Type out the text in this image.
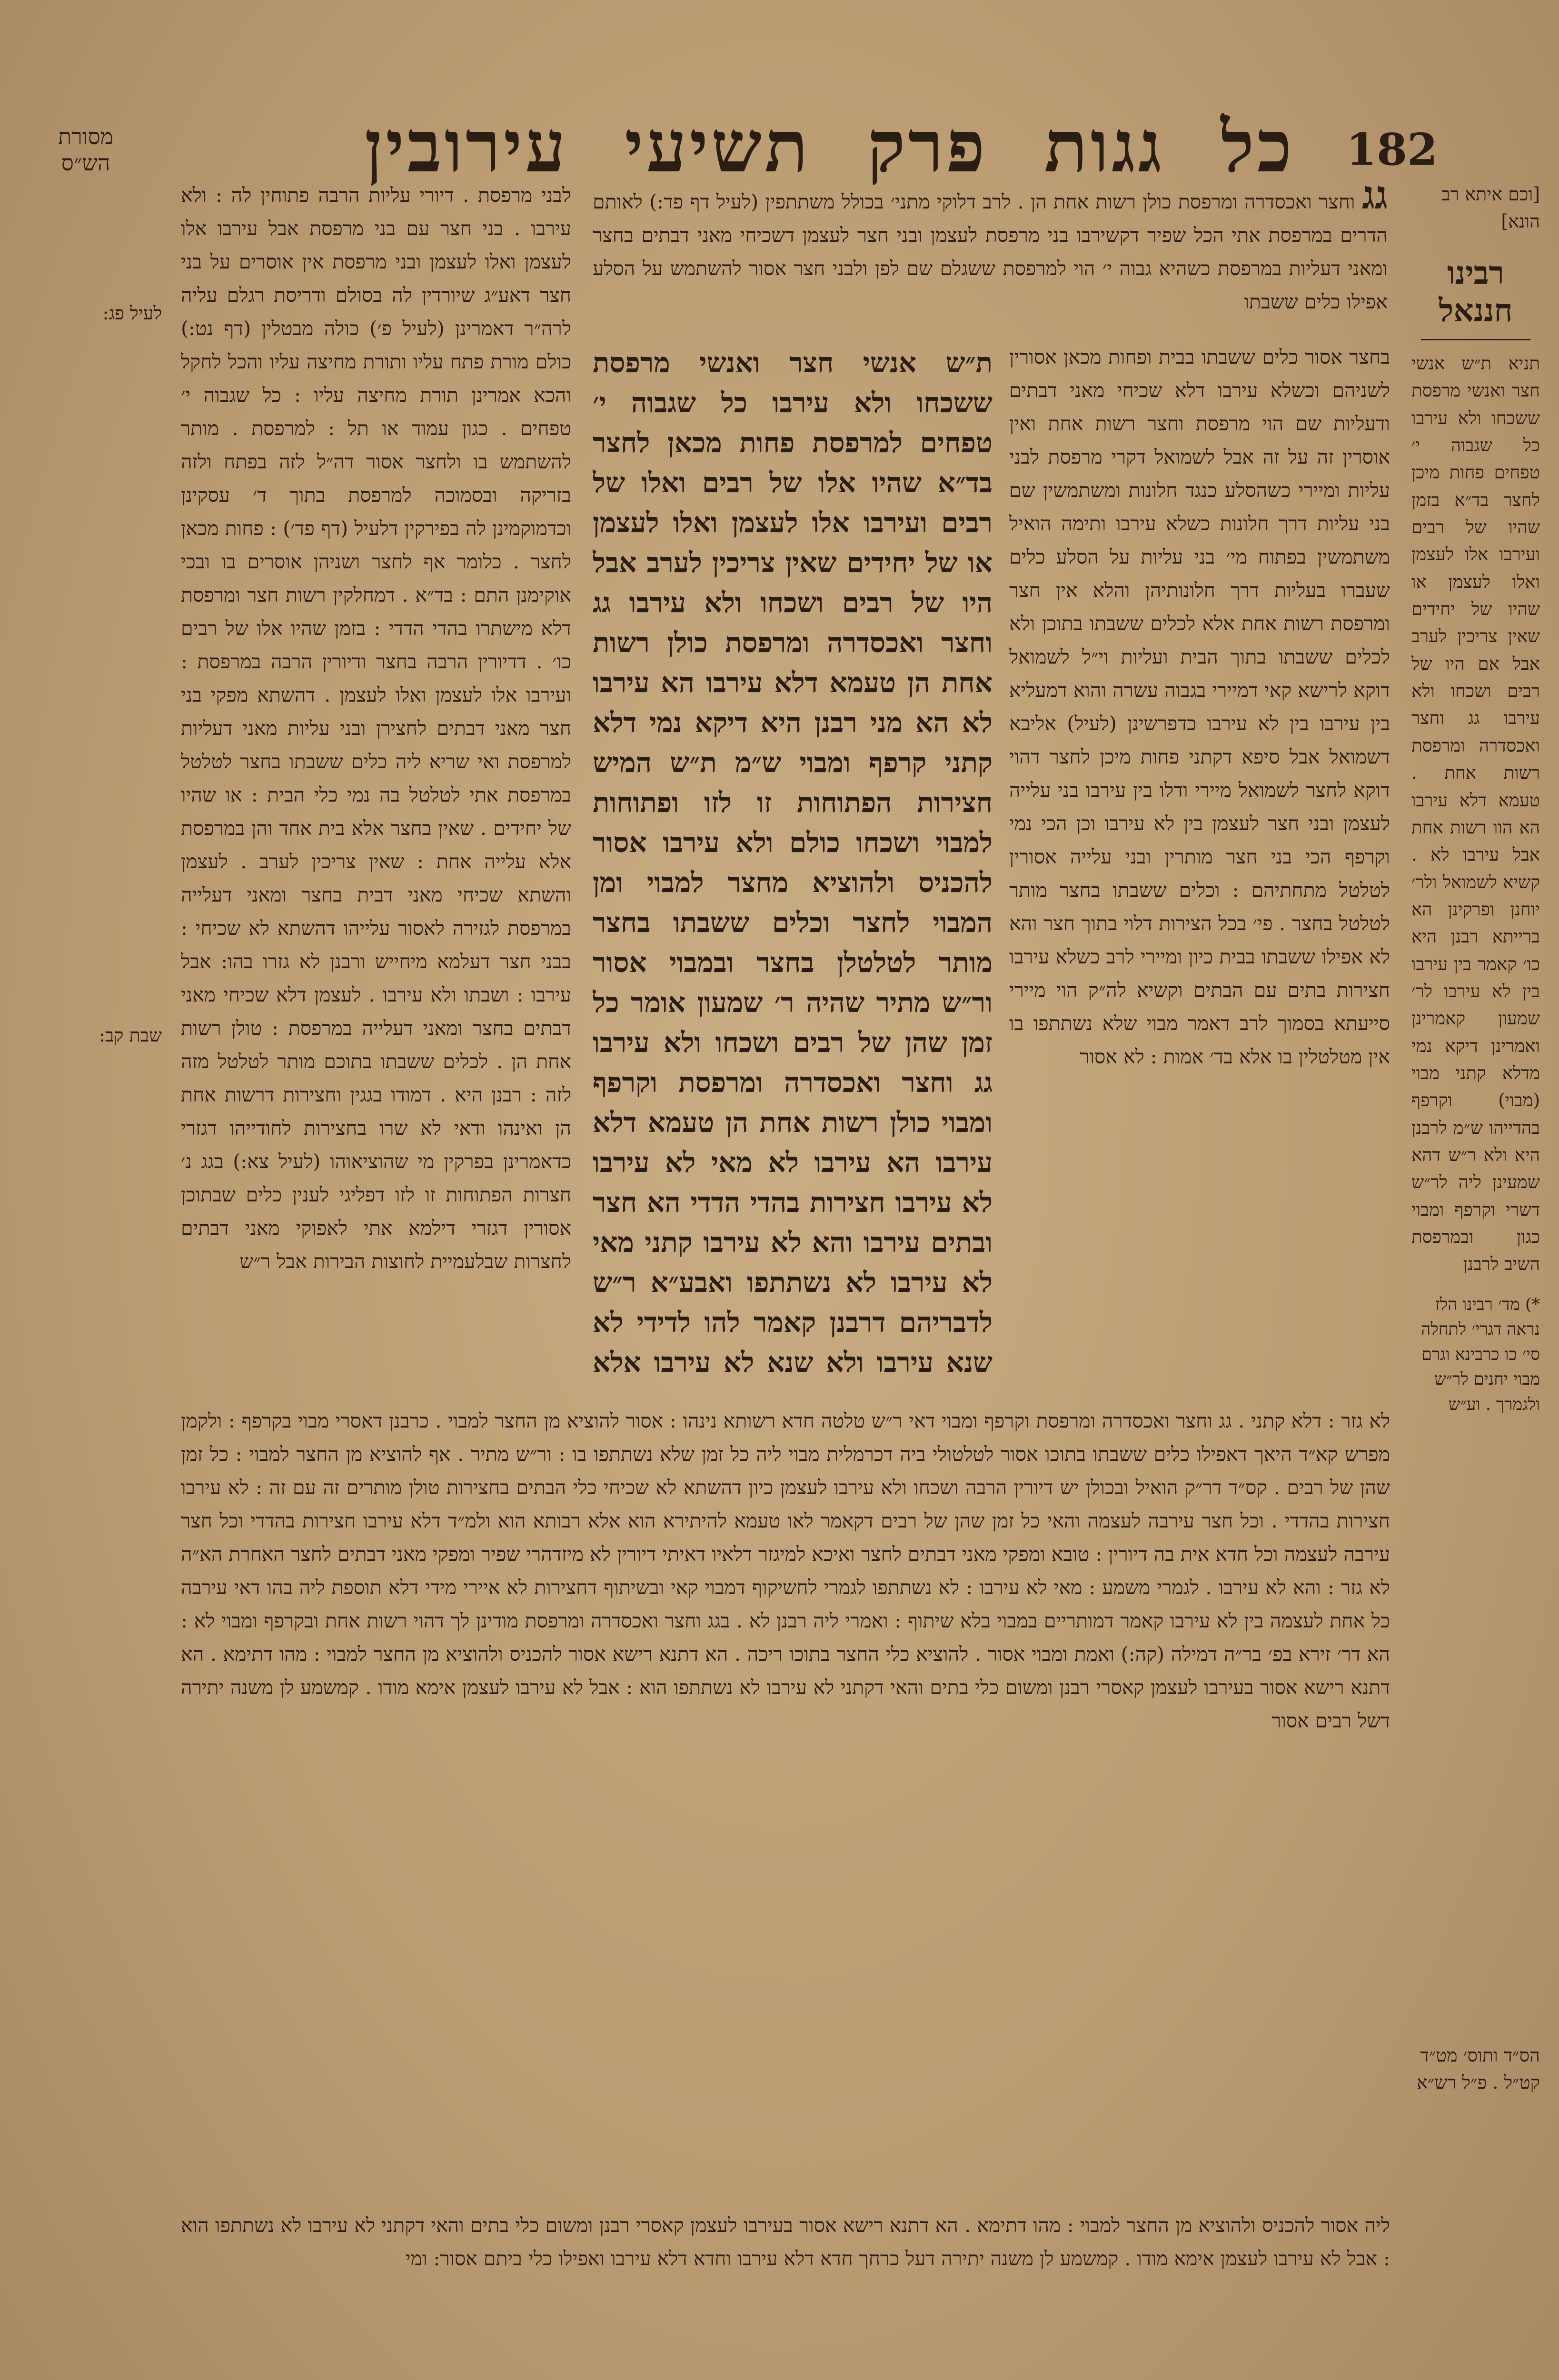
182
כל גגות פרק תשיעי עירובין
מסורת הש״ס
לעיל פג:
שבת קב:
לבני מרפסת . דיורי עליות הרבה פתוחין לה : ולא עירבו . בני חצר עם בני מרפסת אבל עירבו אלו לעצמן ואלו לעצמן ובני מרפסת אין אוסרים על בני חצר דאע״ג שיורדין לה בסולם ודריסת רגלם עליה לרה״ר דאמרינן (לעיל פ׳) כולה מבטלין (דף נט:) כולם מורת פתח עליו ותורת מחיצה עליו והכל לחקל והכא אמרינן תורת מחיצה עליו : כל שגבוה י׳ טפחים . כגון עמוד או תל : למרפסת . מותר להשתמש בו ולחצר אסור דה״ל לזה בפתח ולזה בזריקה ובסמוכה למרפסת בתוך ד׳ עסקינן וכדמוקמינן לה בפירקין דלעיל (דף פד׳) : פחות מכאן לחצר . כלומר אף לחצר ושניהן אוסרים בו ובכי אוקימנן התם : בד״א . דמחלקין רשות חצר ומרפסת דלא מישתרו בהדי הדדי : בזמן שהיו אלו של רבים כו׳ . דדיורין הרבה בחצר ודיורין הרבה במרפסת : ועירבו אלו לעצמן ואלו לעצמן . דהשתא מפקי בני חצר מאני דבתים לחצירן ובני עליות מאני דעליות למרפסת ואי שריא ליה כלים ששבתו בחצר לטלטל במרפסת אתי לטלטל בה נמי כלי הבית : או שהיו של יחידים . שאין בחצר אלא בית אחד והן במרפסת אלא עלייה אחת : שאין צריכין לערב . לעצמן והשתא שכיחי מאני דבית בחצר ומאני דעלייה במרפסת לגזירה לאסור עלייהו דהשתא לא שכיחי : בבני חצר דעלמא מיחייש ורבנן לא גזרו בהו: אבל עירבו : ושבתו ולא עירבו . לעצמן דלא שכיחי מאני דבתים בחצר ומאני דעלייה במרפסת : טולן רשות אחת הן . לכלים ששבתו בתוכם מותר לטלטל מזה לזה : רבנן היא . דמודו בגגין וחצירות דרשות אחת הן ואינהו ודאי לא שרו בחצירות לחודייהו דגזרי כדאמרינן בפרקין מי שהוציאוהו (לעיל צא:) בגג נ׳ חצרות הפתוחות זו לזו דפליגי לענין כלים שבתוכן אסורין דגזרי דילמא אתי לאפוקי מאני דבתים לחצרות שבלעמיית לחוצות הבירות אבל ר״ש
גג וחצר ואכסדרה ומרפסת כולן רשות אחת הן . לרב דלוקי מתני׳ בכולל משתתפין (לעיל דף פד:) לאותם הדרים במרפסת אתי הכל שפיר דקשירבו בני מרפסת לעצמן ובני חצר לעצמן דשכיחי מאני דבתים בחצר ומאני דעליות במרפסת כשהיא גבוה י׳ הוי למרפסת ששגלם שם לפן ולבני חצר אסור להשתמש על הסלע אפילו כלים ששבתו
ת״ש אנשי חצר ואנשי מרפסת ששכחו ולא עירבו כל שגבוה י׳ טפחים למרפסת פחות מכאן לחצר בד״א שהיו אלו של רבים ואלו של רבים ועירבו אלו לעצמן ואלו לעצמן או של יחידים שאין צריכין לערב אבל היו של רבים ושכחו ולא עירבו גג וחצר ואכסדרה ומרפסת כולן רשות אחת הן טעמא דלא עירבו הא עירבו לא הא מני רבנן היא דיקא נמי דלא קתני קרפף ומבוי ש״מ ת״ש המיש חצירות הפתוחות זו לזו ופתוחות למבוי ושכחו כולם ולא עירבו אסור להכניס ולהוציא מחצר למבוי ומן המבוי לחצר וכלים ששבתו בחצר מותר לטלטלן בחצר ובמבוי אסור ור״ש מתיר שהיה ר׳ שמעון אומר כל זמן שהן של רבים ושכחו ולא עירבו גג וחצר ואכסדרה ומרפסת וקרפף ומבוי כולן רשות אחת הן טעמא דלא עירבו הא עירבו לא מאי לא עירבו לא עירבו חצירות בהדי הדדי הא חצר ובתים עירבו והא לא עירבו קתני מאי לא עירבו לא נשתתפו ואבע״א ר״ש לדבריהם דרבנן קאמר להו לדידי לא שנא עירבו ולא שנא לא עירבו אלא
בחצר אסור כלים ששבתו בבית ופחות מכאן אסורין לשניהם וכשלא עירבו דלא שכיחי מאני דבתים ודעליות שם הוי מרפסת וחצר רשות אחת ואין אוסרין זה על זה אבל לשמואל דקרי מרפסת לבני עליות ומיירי כשהסלע כנגד חלונות ומשתמשין שם בני עליות דרך חלונות כשלא עירבו ותימה הואיל משתמשין בפתוח מי׳ בני עליות על הסלע כלים שעברו בעליות דרך חלונותיהן והלא אין חצר ומרפסת רשות אחת אלא לכלים ששבתו בתוכן ולא לכלים ששבתו בתוך הבית ועליות וי״ל לשמואל דוקא לרישא קאי דמיירי בגבוה עשרה והוא דמעליא בין עירבו בין לא עירבו כדפרשינן (לעיל) אליבא דשמואל אבל סיפא דקתני פחות מיכן לחצר דהוי דוקא לחצר לשמואל מיירי ודלו בין עירבו בני עלייה לעצמן ובני חצר לעצמן בין לא עירבו וכן הכי נמי וקרפף הכי בני חצר מותרין ובני עלייה אסורין לטלטל מתחתיהם : וכלים ששבתו בחצר מותר לטלטל בחצר . פי׳ בכל הצירות דלוי בתוך חצר והא לא אפילו ששבתו בבית כיון ומיירי לרב כשלא עירבו חצירות בתים עם הבתים וקשיא לה״ק הוי מיירי סייעתא בסמוך לרב דאמר מבוי שלא נשתתפו בו אין מטלטלין בו אלא בד׳ אמות : לא אסור
[וכם איתא רב הונא]
רבינו חננאל
תניא ת״ש אנשי חצר ואנשי מרפסת ששכחו ולא עירבו כל שגבוה י׳ טפחים פחות מיכן לחצר בד״א בזמן שהיו של רבים ועירבו אלו לעצמן ואלו לעצמן או שהיו של יחידים שאין צריכין לערב אבל אם היו של רבים ושכחו ולא עירבו גג וחצר ואכסדרה ומרפסת רשות אחת . טעמא דלא עירבו הא הוו רשות אחת אבל עירבו לא . קשיא לשמואל ולר׳ יוחנן ופרקינן הא ברייתא רבנן היא כו׳ קאמר בין עירבו בין לא עירבו לר׳ שמעון קאמרינן ואמרינן דיקא נמי מדלא קתני מבוי (מבוי) וקרפף בהדייהו ש״מ לרבנן היא ולא ר״ש דהא שמעינן ליה לר״ש דשרי וקרפף ומבוי כגון ובמרפסת השיב לרבנן
*) מד׳ רבינו הלז נראה דגרי׳ לתחלה סי׳ כו כרבינא וגרם מבוי יחנים לר״ש ולגמרך . וע״ש
לא גזר : דלא קתני . גג וחצר ואכסדרה ומרפסת וקרפף ומבוי דאי ר״ש טלטה חדא רשותא נינהו : אסור להוציא מן החצר למבוי . כרבנן דאסרי מבוי בקרפף : ולקמן מפרש קא״ד היאך דאפילו כלים ששבתו בתוכו אסור לטלטולי ביה דכרמלית מבוי ליה כל זמן שלא נשתתפו בו : ור״ש מתיר . אף להוציא מן החצר למבוי : כל זמן שהן של רבים . קס״ד דר״ק הואיל ובכולן יש דיורין הרבה ושכחו ולא עירבו לעצמן כיון דהשתא לא שכיחי כלי הבתים בחצירות טולן מותרים זה עם זה : לא עירבו חצירות בהדדי . וכל חצר עירבה לעצמה והאי כל זמן שהן של רבים דקאמר לאו טעמא להיתירא הוא אלא רבותא הוא ולמ״ד דלא עירבו חצירות בהדדי וכל חצר עירבה לעצמה וכל חדא אית בה דיורין : טובא ומפקי מאני דבתים לחצר ואיכא למיגזר דלאיו דאיתי דיורין לא מיזדהרי שפיר ומפקי מאני דבתים לחצר האחרת הא״ה לא גזר : והא לא עירבו . לגמרי משמע : מאי לא עירבו : לא נשתתפו לגמרי לחשיקוף דמבוי קאי ובשיתוף דחצירות לא איירי מידי דלא תוספת ליה בהו דאי עירבה כל אחת לעצמה בין לא עירבו קאמר דמותריים במבוי בלא שיתוף : ואמרי ליה רבנן לא . בגג וחצר ואכסדרה ומרפסת מודינן לך דהוי רשות אחת ובקרפף ומבוי לא : הא דר׳ זירא בפ׳ בר״ה דמילה (קה:) ואמת ומבוי אסור . להוציא כלי החצר בתוכו ריכה . הא דתנא רישא אסור להכניס ולהוציא מן החצר למבוי : מהו דתימא . הא דתנא רישא אסור בעירבו לעצמן קאסרי רבנן ומשום כלי בתים והאי דקתני לא עירבו לא נשתתפו הוא : אבל לא עירבו לעצמן אימא מודו . קמשמע לן משנה יתירה דשל רבים אסור
הס״ד ותוס׳ מט״ד קט״ל . פ״ל רש״א
ליה אסור להכניס ולהוציא מן החצר למבוי : מהו דתימא . הא דתנא רישא אסור בעירבו לעצמן קאסרי רבנן ומשום כלי בתים והאי דקתני לא עירבו לא נשתתפו הוא : אבל לא עירבו לעצמן אימא מודו . קמשמע לן משנה יתירה דעל כרחך חדא דלא עירבו וחדא דלא עירבו ואפילו כלי ביתם אסור: ומי
